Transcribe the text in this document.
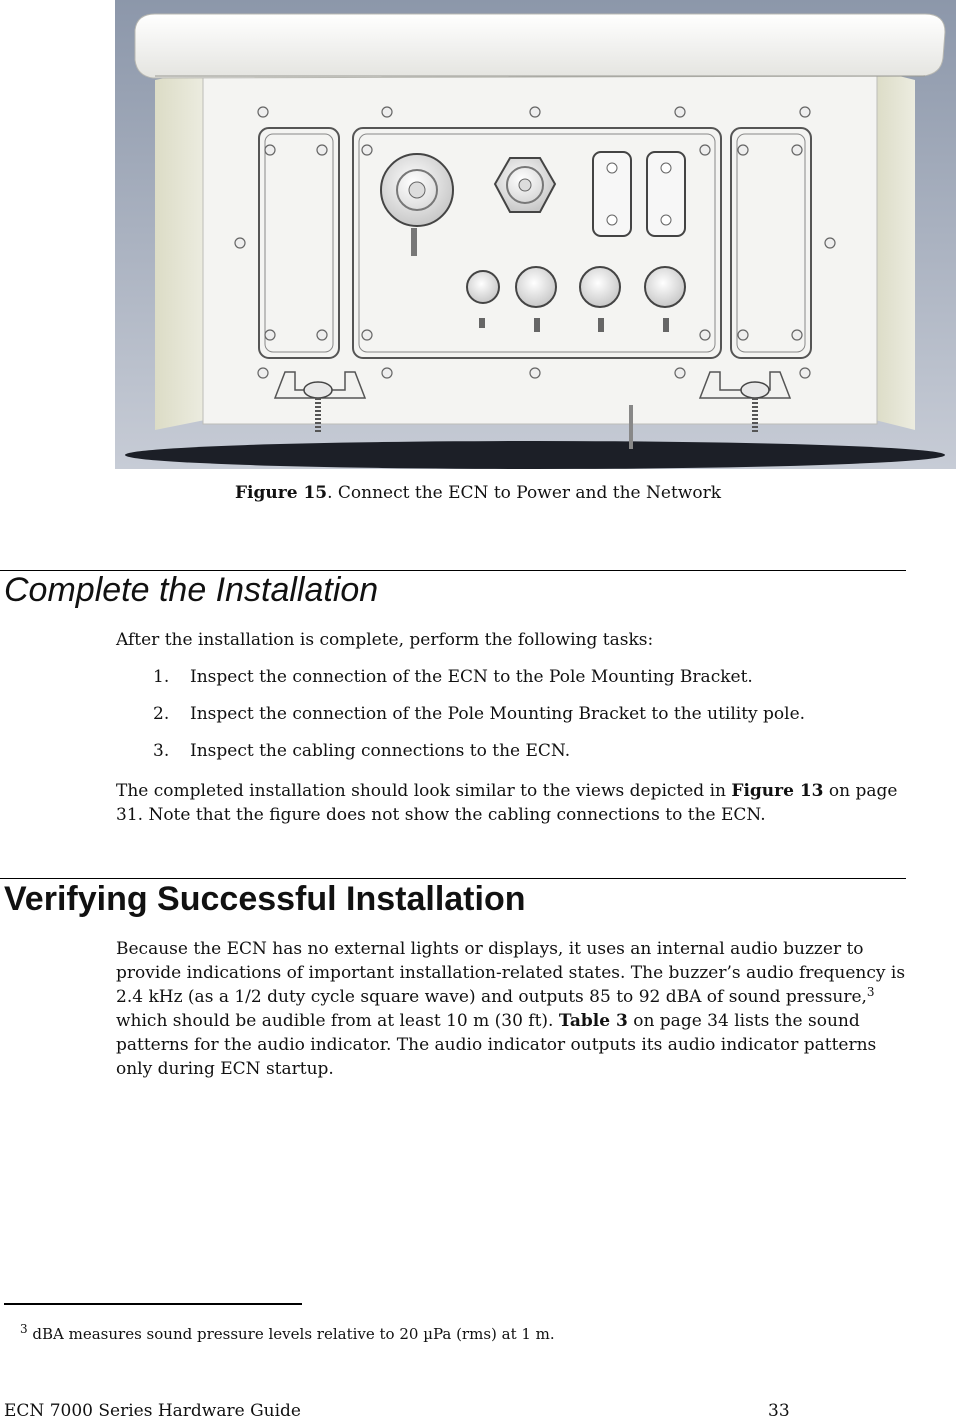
Figure 15. Connect the ECN to Power and the Network
Complete the Installation

After the installation is complete, perform the following tasks:

1. Inspect the connection of the ECN to the Pole Mounting Bracket.
2. Inspect the connection of the Pole Mounting Bracket to the utility pole.
3. Inspect the cabling connections to the ECN.

The completed installation should look similar to the views depicted in Figure 13 on page 31. Note that the figure does not show the cabling connections to the ECN.

Verifying Successful Installation

Because the ECN has no external lights or displays, it uses an internal audio buzzer to provide indications of important installation-related states. The buzzer’s audio frequency is 2.4 kHz (as a 1/2 duty cycle square wave) and outputs 85 to 92 dBA of sound pressure,$^3$ which should be audible from at least 10 m (30 ft). Table 3 on page 34 lists the sound patterns for the audio indicator. The audio indicator outputs its audio indicator patterns only during ECN startup.

$^3$ dBA measures sound pressure levels relative to 20 µPa (rms) at 1 m.
ECN 7000 Series Hardware Guide	33
